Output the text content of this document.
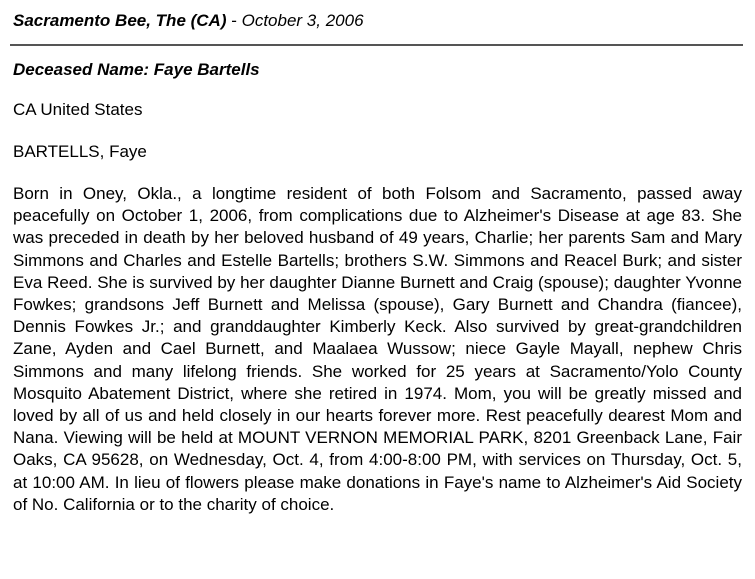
Sacramento Bee, The (CA) - October 3, 2006
Deceased Name: Faye Bartells
CA United States
BARTELLS, Faye
Born in Oney, Okla., a longtime resident of both Folsom and Sacramento, passed away peacefully on October 1, 2006, from complications due to Alzheimer's Disease at age 83. She was preceded in death by her beloved husband of 49 years, Charlie; her parents Sam and Mary Simmons and Charles and Estelle Bartells; brothers S.W. Simmons and Reacel Burk; and sister Eva Reed. She is survived by her daughter Dianne Burnett and Craig (spouse); daughter Yvonne Fowkes; grandsons Jeff Burnett and Melissa (spouse), Gary Burnett and Chandra (fiancee), Dennis Fowkes Jr.; and granddaughter Kimberly Keck. Also survived by great-grandchildren Zane, Ayden and Cael Burnett, and Maalaea Wussow; niece Gayle Mayall, nephew Chris Simmons and many lifelong friends. She worked for 25 years at Sacramento/Yolo County Mosquito Abatement District, where she retired in 1974. Mom, you will be greatly missed and loved by all of us and held closely in our hearts forever more. Rest peacefully dearest Mom and Nana. Viewing will be held at MOUNT VERNON MEMORIAL PARK, 8201 Greenback Lane, Fair Oaks, CA 95628, on Wednesday, Oct. 4, from 4:00-8:00 PM, with services on Thursday, Oct. 5, at 10:00 AM. In lieu of flowers please make donations in Faye's name to Alzheimer's Aid Society of No. California or to the charity of choice.
